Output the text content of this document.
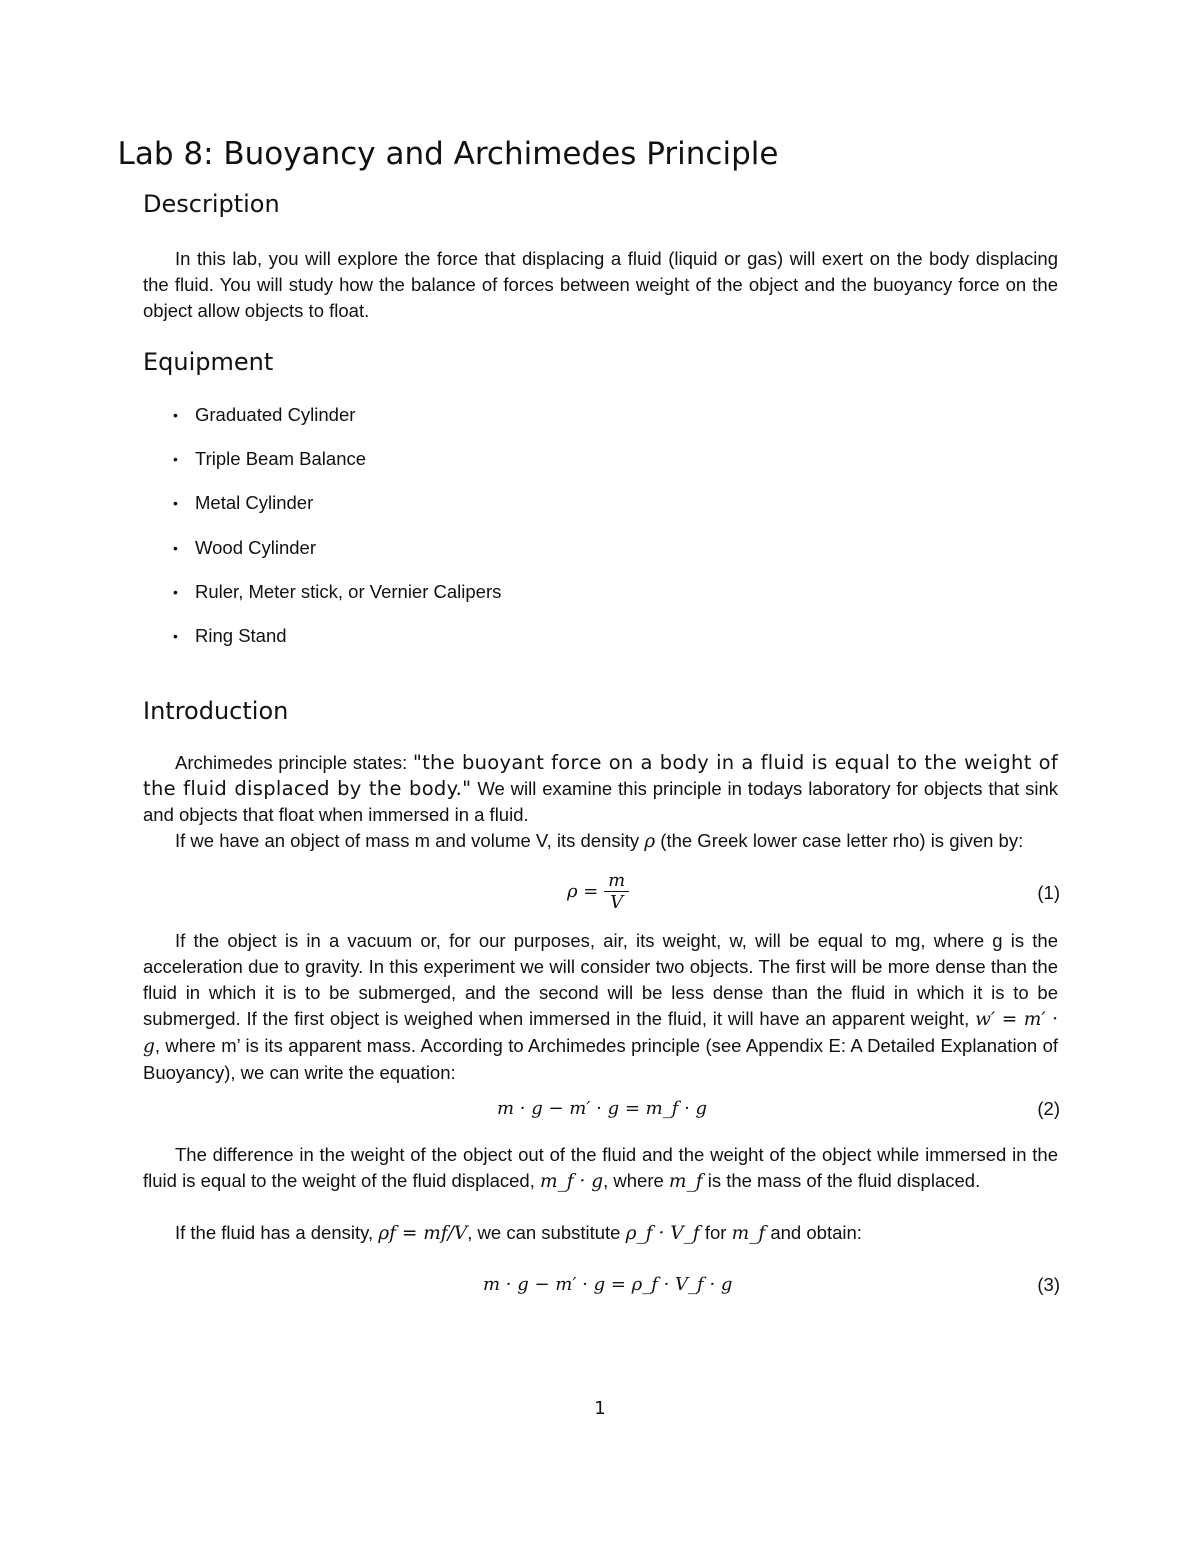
Lab 8: Buoyancy and Archimedes Principle
Description
In this lab, you will explore the force that displacing a fluid (liquid or gas) will exert on the body displacing the fluid. You will study how the balance of forces between weight of the object and the buoyancy force on the object allow objects to float.
Equipment
• Graduated Cylinder
• Triple Beam Balance
• Metal Cylinder
• Wood Cylinder
• Ruler, Meter stick, or Vernier Calipers
• Ring Stand
Introduction
Archimedes principle states: "the buoyant force on a body in a fluid is equal to the weight of the fluid displaced by the body." We will examine this principle in todays laboratory for objects that sink and objects that float when immersed in a fluid.
If we have an object of mass m and volume V, its density ρ (the Greek lower case letter rho) is given by:
$\rho = \frac{m}{V}$	(1)
If the object is in a vacuum or, for our purposes, air, its weight, w, will be equal to mg, where g is the acceleration due to gravity. In this experiment we will consider two objects. The first will be more dense than the fluid in which it is to be submerged, and the second will be less dense than the fluid in which it is to be submerged. If the first object is weighed when immersed in the fluid, it will have an apparent weight, w′ = m′ · g, where m’ is its apparent mass. According to Archimedes principle (see Appendix E: A Detailed Explanation of Buoyancy), we can write the equation:
m · g − m′ · g = m_f · g	(2)
The difference in the weight of the object out of the fluid and the weight of the object while immersed in the fluid is equal to the weight of the fluid displaced, m_f · g, where m_f is the mass of the fluid displaced.
If the fluid has a density, ρf = mf/V, we can substitute ρ_f · V_f for m_f and obtain:
m · g − m′ · g = ρ_f · V_f · g	(3)
1
